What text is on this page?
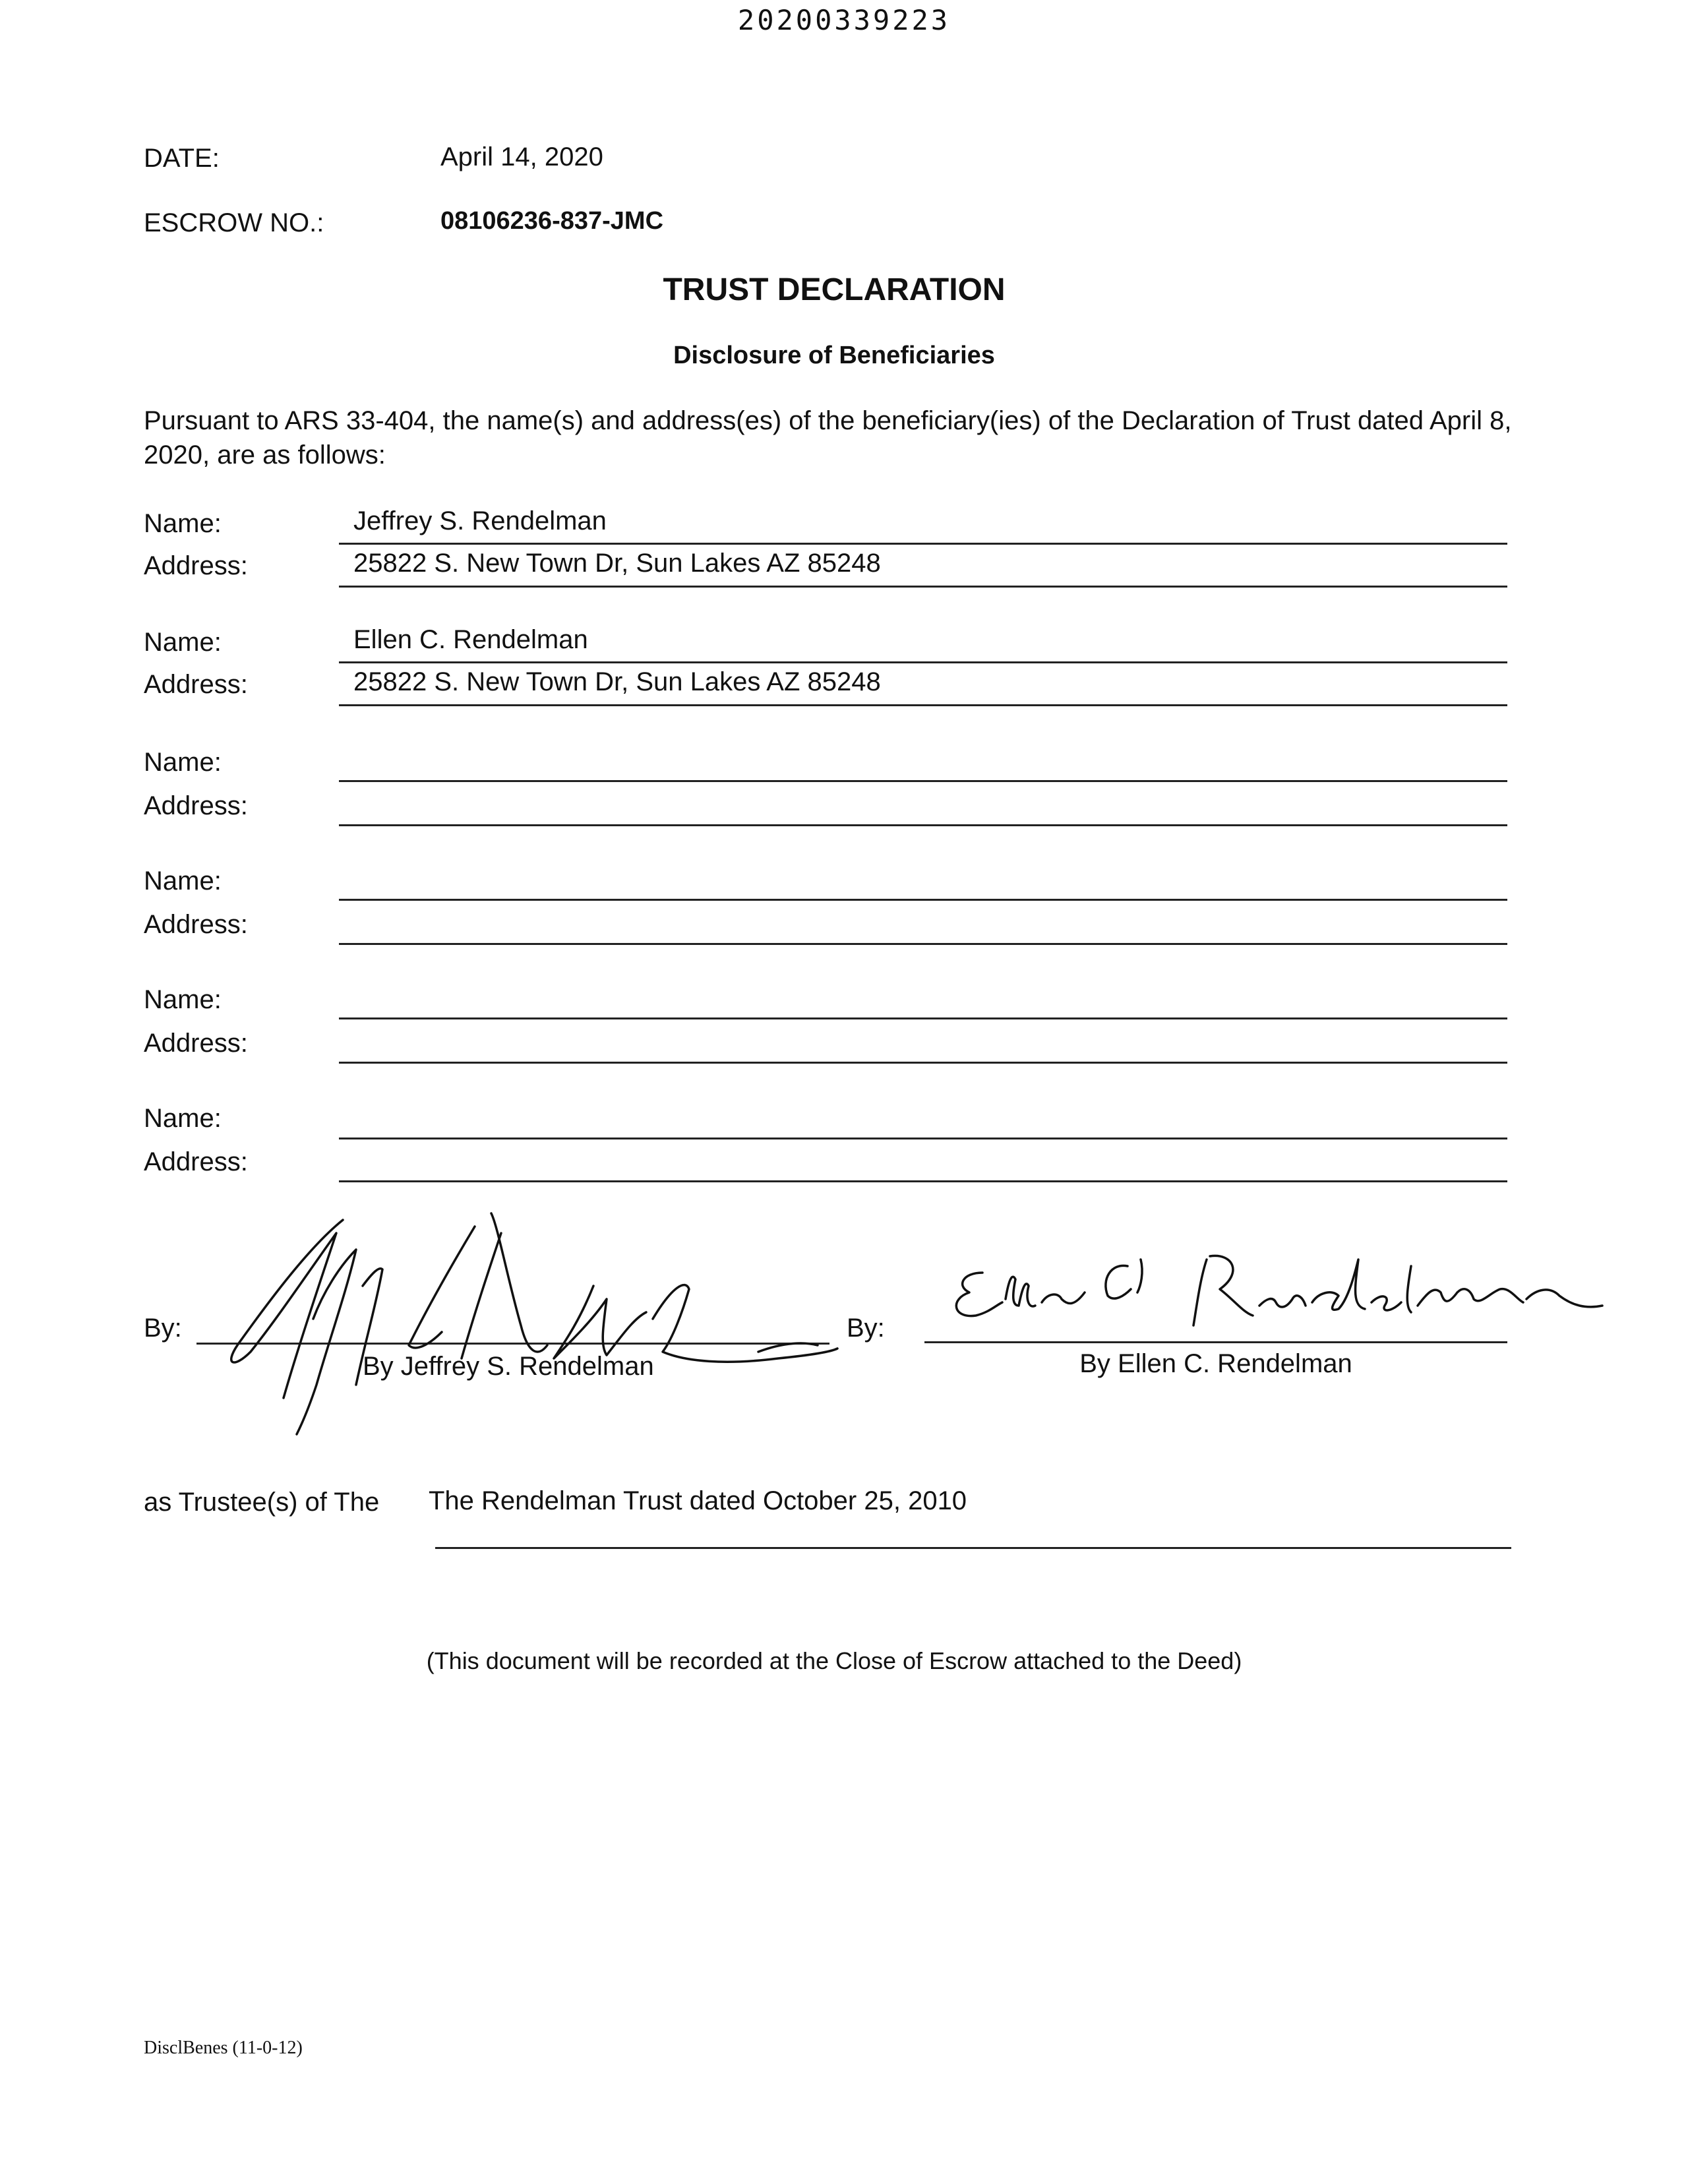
20200339223
DATE:	April 14, 2020
ESCROW NO.:	08106236-837-JMC
TRUST DECLARATION
Disclosure of Beneficiaries
Pursuant to ARS 33-404, the name(s) and address(es) of the beneficiary(ies) of the Declaration of Trust dated April 8, 2020, are as follows:
Name:	Jeffrey S. Rendelman
Address:	25822 S. New Town Dr, Sun Lakes AZ 85248
Name:	Ellen C. Rendelman
Address:	25822 S. New Town Dr, Sun Lakes AZ 85248
Name:
Address:
Name:
Address:
Name:
Address:
Name:
Address:
By:
By Jeffrey S. Rendelman
By:
By Ellen C. Rendelman
as Trustee(s) of The The Rendelman Trust dated October 25, 2010
(This document will be recorded at the Close of Escrow attached to the Deed)
DisclBenes (11-0-12)
